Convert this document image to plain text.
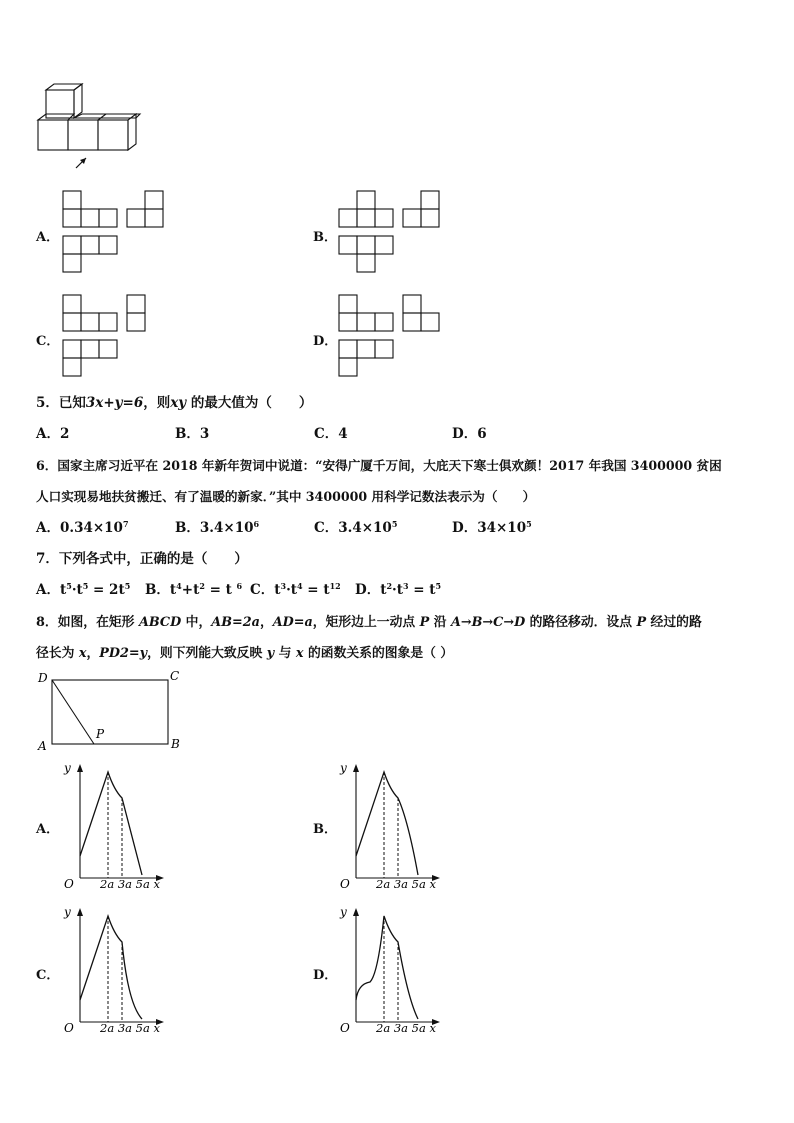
A．	B．
C．	D．
5．已知3x+y=6，则xy 的最大值为（　　）
A．2	B．3	C．4	D．6
6．国家主席习近平在 2018 年新年贺词中说道：“安得广厦千万间，大庇天下寒士俱欢颜！2017 年我国 3400000 贫困
人口实现易地扶贫搬迁、有了温暖的新家．”其中 3400000 用科学记数法表示为（　　）
A．$0.34\times 10^7$	B．$3.4\times 10^6$	C．$3.4\times 10^5$	D．$34\times 10^5$
7．下列各式中，正确的是（　　）
A．$t^5\cdot t^5 = 2t^5$ B．$t^4+t^2 = t$ $^6$ C．$t^3\cdot t^4 = t^{12}$ D．$t^2\cdot t^3 = t^5$
8．如图，在矩形 ABCD 中，AB=2a，AD=a，矩形边上一动点 P 沿 A→B→C→D 的路径移动．设点 P 经过的路
径长为 x，PD2=y，则下列能大致反映 y 与 x 的函数关系的图象是（ ）
D	C
A	B
P
A．	B．
C．	D．
y
O 2a 3a 5a x
y
O 2a 3a 5a x
y
O 2a 3a 5a x
y
O 2a 3a 5a x
